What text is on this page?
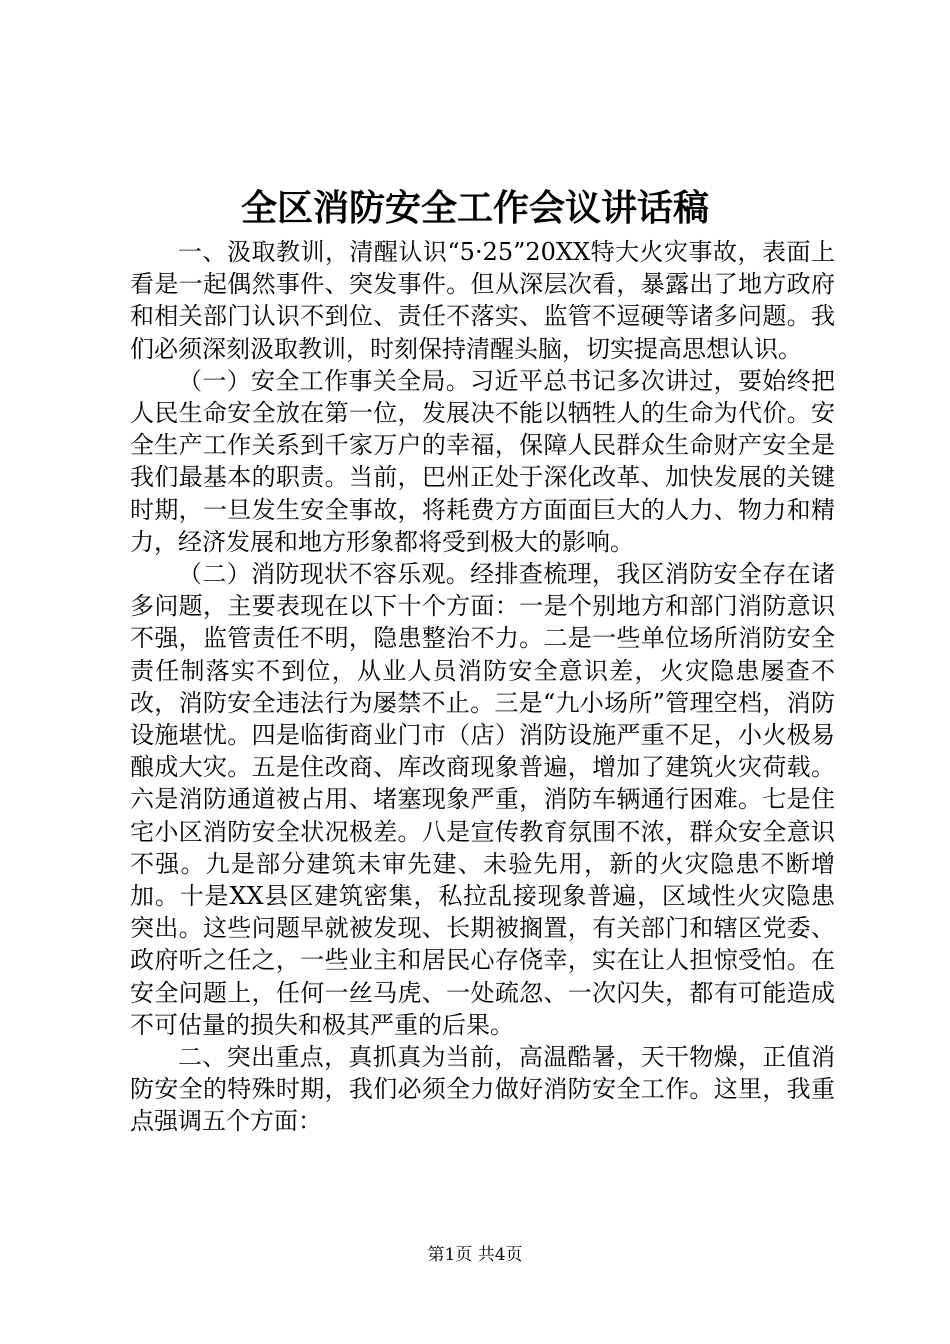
全区消防安全工作会议讲话稿

一、汲取教训，清醒认识“5·25”20XX特大火灾事故，表面上看是一起偶然事件、突发事件。但从深层次看，暴露出了地方政府和相关部门认识不到位、责任不落实、监管不逗硬等诸多问题。我们必须深刻汲取教训，时刻保持清醒头脑，切实提高思想认识。

（一）安全工作事关全局。习近平总书记多次讲过，要始终把人民生命安全放在第一位，发展决不能以牺牲人的生命为代价。安全生产工作关系到千家万户的幸福，保障人民群众生命财产安全是我们最基本的职责。当前，巴州正处于深化改革、加快发展的关键时期，一旦发生安全事故，将耗费方方面面巨大的人力、物力和精力，经济发展和地方形象都将受到极大的影响。

（二）消防现状不容乐观。经排查梳理，我区消防安全存在诸多问题，主要表现在以下十个方面：一是个别地方和部门消防意识不强，监管责任不明，隐患整治不力。二是一些单位场所消防安全责任制落实不到位，从业人员消防安全意识差，火灾隐患屡查不改，消防安全违法行为屡禁不止。三是“九小场所”管理空档，消防设施堪忧。四是临街商业门市（店）消防设施严重不足，小火极易酿成大灾。五是住改商、库改商现象普遍，增加了建筑火灾荷载。六是消防通道被占用、堵塞现象严重，消防车辆通行困难。七是住宅小区消防安全状况极差。八是宣传教育氛围不浓，群众安全意识不强。九是部分建筑未审先建、未验先用，新的火灾隐患不断增加。十是XX县区建筑密集，私拉乱接现象普遍，区域性火灾隐患突出。这些问题早就被发现、长期被搁置，有关部门和辖区党委、政府听之任之，一些业主和居民心存侥幸，实在让人担惊受怕。在安全问题上，任何一丝马虎、一处疏忽、一次闪失，都有可能造成不可估量的损失和极其严重的后果。

二、突出重点，真抓真为当前，高温酷暑，天干物燥，正值消防安全的特殊时期，我们必须全力做好消防安全工作。这里，我重点强调五个方面：

第1页 共4页
